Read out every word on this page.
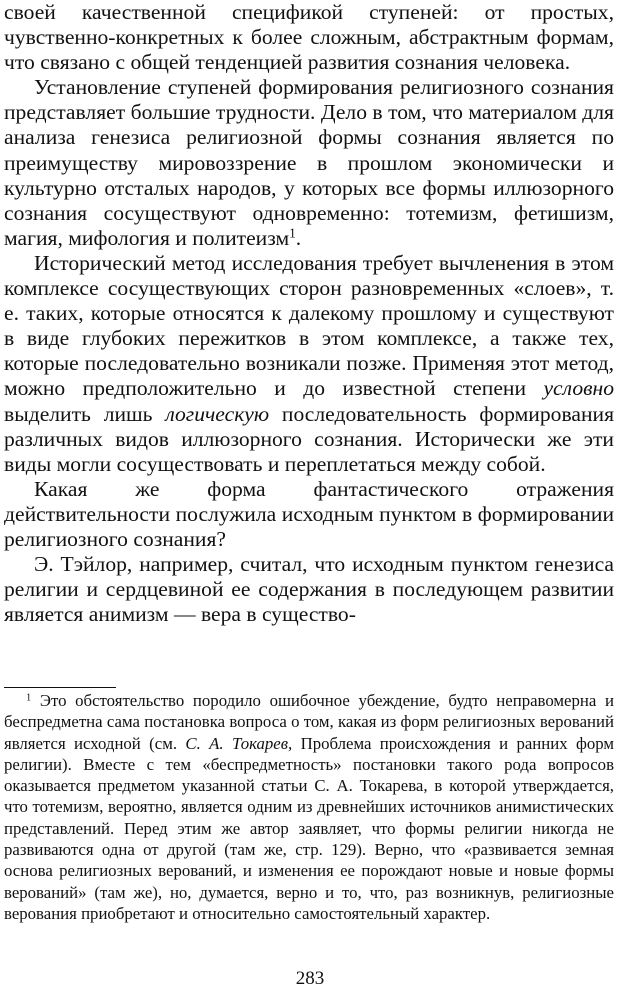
своей качественной спецификой ступеней: от простых, чувственно-конкретных к более сложным, абстрактным формам, что связано с общей тенденцией развития сознания человека.

Установление ступеней формирования религиозного сознания представляет большие трудности. Дело в том, что материалом для анализа генезиса религиозной формы сознания является по преимуществу мировоззрение в прошлом экономически и культурно отсталых народов, у которых все формы иллюзорного сознания сосуществуют одновременно: тотемизм, фетишизм, магия, мифология и политеизм$^1$.

Исторический метод исследования требует вычленения в этом комплексе сосуществующих сторон разновременных «слоев», т. е. таких, которые относятся к далекому прошлому и существуют в виде глубоких пережитков в этом комплексе, а также тех, которые последовательно возникали позже. Применяя этот метод, можно предположительно и до известной степени условно выделить лишь логическую последовательность формирования различных видов иллюзорного сознания. Исторически же эти виды могли сосуществовать и переплетаться между собой.

Какая же форма фантастического отражения действительности послужила исходным пунктом в формировании религиозного сознания?

Э. Тэйлор, например, считал, что исходным пунктом генезиса религии и сердцевиной ее содержания в последующем развитии является анимизм — вера в существо-

$^1$ Это обстоятельство породило ошибочное убеждение, будто неправомерна и беспредметна сама постановка вопроса о том, какая из форм религиозных верований является исходной (см. С. А. Токарев, Проблема происхождения и ранних форм религии). Вместе с тем «беспредметность» постановки такого рода вопросов оказывается предметом указанной статьи С. А. Токарева, в которой утверждается, что тотемизм, вероятно, является одним из древнейших источников анимистических представлений. Перед этим же автор заявляет, что формы религии никогда не развиваются одна от другой (там же, стр. 129). Верно, что «развивается земная основа религиозных верований, и изменения ее порождают новые и новые формы верований» (там же), но, думается, верно и то, что, раз возникнув, религиозные верования приобретают и относительно самостоятельный характер.

283
